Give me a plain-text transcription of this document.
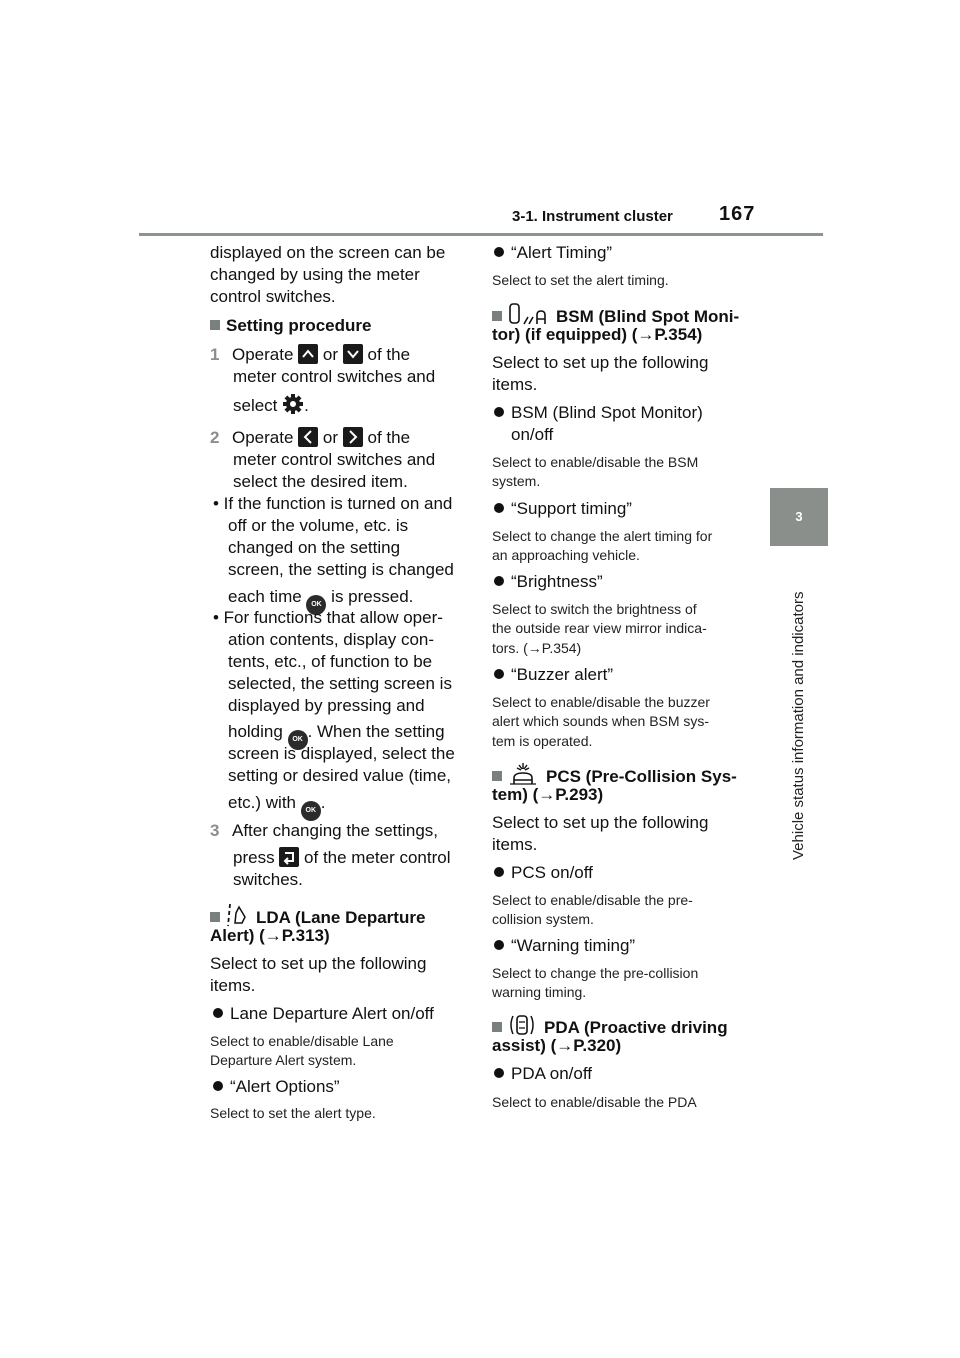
3-1. Instrument cluster 167
3
Vehicle status information and indicators
displayed on the screen can be
changed by using the meter
control switches.
Setting procedure
1 Operate or of the
meter control switches and
select .
2 Operate or of the
meter control switches and
select the desired item.
• If the function is turned on and
off or the volume, etc. is
changed on the setting
screen, the setting is changed
each time OK is pressed.
• For functions that allow oper-
ation contents, display con-
tents, etc., of function to be
selected, the setting screen is
displayed by pressing and
holding OK . When the setting
screen is displayed, select the
setting or desired value (time,
etc.) with OK .
3 After changing the settings,
press of the meter control
switches.
LDA (Lane Departure
Alert) (→P.313)
Select to set up the following
items.
Lane Departure Alert on/off
Select to enable/disable Lane
Departure Alert system.
“Alert Options”
Select to set the alert type.
“Alert Timing”
Select to set the alert timing.
BSM (Blind Spot Moni-
tor) (if equipped) (→P.354)
Select to set up the following
items.
BSM (Blind Spot Monitor)
on/off
Select to enable/disable the BSM
system.
“Support timing”
Select to change the alert timing for
an approaching vehicle.
“Brightness”
Select to switch the brightness of
the outside rear view mirror indica-
tors. (→P.354)
“Buzzer alert”
Select to enable/disable the buzzer
alert which sounds when BSM sys-
tem is operated.
PCS (Pre-Collision Sys-
tem) (→P.293)
Select to set up the following
items.
PCS on/off
Select to enable/disable the pre-
collision system.
“Warning timing”
Select to change the pre-collision
warning timing.
PDA (Proactive driving
assist) (→P.320)
PDA on/off
Select to enable/disable the PDA
